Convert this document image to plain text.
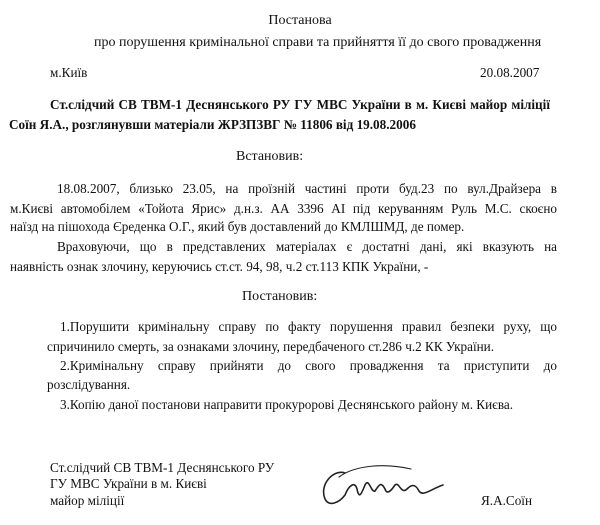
Постанова
про порушення кримінальної справи та прийняття її до свого провадження
м.Київ	20.08.2007
Ст.слідчий СВ ТВМ-1 Деснянського РУ ГУ МВС України в м. Києві майор міліції
Соїн Я.А., розглянувши матеріали ЖРЗПЗВГ № 11806 від 19.08.2006
Встановив:
18.08.2007, близько 23.05, на проїзній частині проти буд.23 по вул.Драйзера в
м.Києві автомобілем «Тойота Ярис» д.н.з. АА 3396 АІ під керуванням Руль М.С. скоєно
наїзд на пішохода Єреденка О.Г., який був доставлений до КМЛШМД, де помер.
Враховуючи, що в представлених матеріалах є достатні дані, які вказують на
наявність ознак злочину, керуючись ст.ст. 94, 98, ч.2 ст.113 КПК України, -
Постановив:
1.Порушити кримінальну справу по факту порушення правил безпеки руху, що
спричинило смерть, за ознаками злочину, передбаченого ст.286 ч.2 КК України.
2.Кримінальну справу прийняти до свого провадження та приступити до
розслідування.
3.Копію даної постанови направити прокуророві Деснянського району м. Києва.
Ст.слідчий СВ ТВМ-1 Деснянського РУ
ГУ МВС України в м. Києві
майор міліції	Я.А.Соїн
